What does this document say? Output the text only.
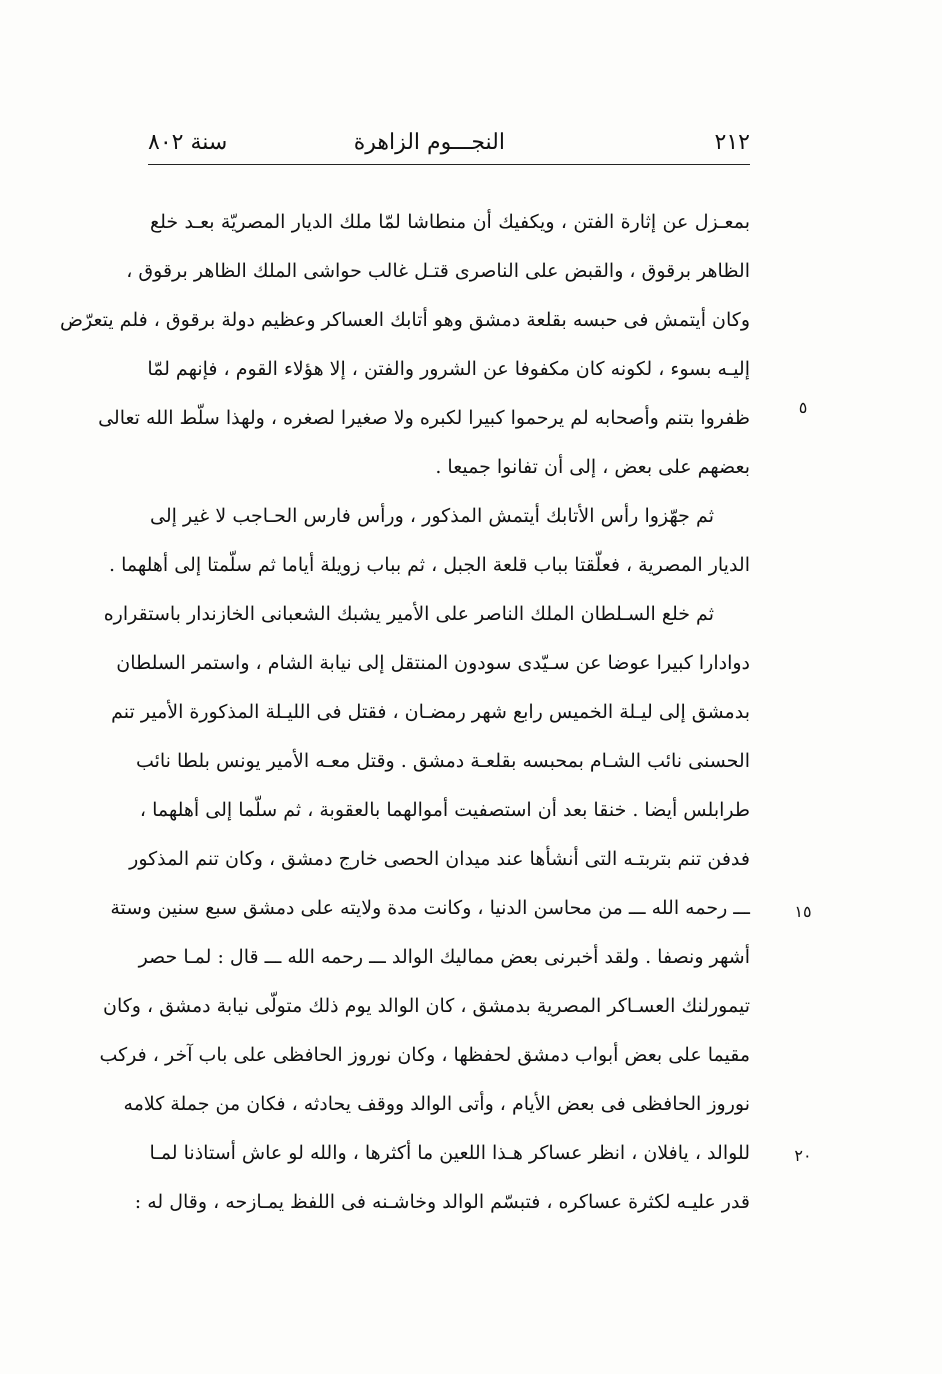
٢١٢
النجـــوم الزاهرة
سنة ٨٠٢
بمعـزل عن إثارة الفتن ، ويكفيك أن منطاشا لمّا ملك الديار المصريّة بعـد خلع
الظاهر برقوق ، والقبض على الناصرى قتـل غالب حواشى الملك الظاهر برقوق ،
وكان أيتمش فى حبسه بقلعة دمشق وهو أتابك العساكر وعظيم دولة برقوق ، فلم يتعرّض
إليـه بسوء ، لكونه كان مكفوفا عن الشرور والفتن ، إلا هؤلاء القوم ، فإنهم لمّا
ظفروا بتنم وأصحابه لم يرحموا كبيرا لكبره ولا صغيرا لصغره ، ولهذا سلّط الله تعالى
بعضهم على بعض ، إلى أن تفانوا جميعا .
ثم جهّزوا رأس الأتابك أيتمش المذكور ، ورأس فارس الحـاجب لا غير إلى
الديار المصرية ، فعلّقتا بباب قلعة الجبل ، ثم بباب زويلة أياما ثم سلّمتا إلى أهلهما .
ثم خلع السـلطان الملك الناصر على الأمير يشبك الشعبانى الخازندار باستقراره
دوادارا كبيرا عوضا عن سـيّدى سودون المنتقل إلى نيابة الشام ، واستمر السلطان
بدمشق إلى ليـلة الخميس رابع شهر رمضـان ، فقتل فى الليـلة المذكورة الأمير تنم
الحسنى نائب الشـام بمحبسه بقلعـة دمشق . وقتل معـه الأمير يونس بلطا نائب
طرابلس أيضا . خنقا بعد أن استصفيت أموالهما بالعقوبة ، ثم سلّما إلى أهلهما ،
فدفن تنم بتربتـه التى أنشأها عند ميدان الحصى خارج دمشق ، وكان تنم المذكور
ـــ رحمه الله ـــ من محاسن الدنيا ، وكانت مدة ولايته على دمشق سبع سنين وستة
أشهر ونصفا . ولقد أخبرنى بعض مماليك الوالد ـــ رحمه الله ـــ قال : لمـا حصر
تيمورلنك العسـاكر المصرية بدمشق ، كان الوالد يوم ذلك متولّى نيابة دمشق ، وكان
مقيما على بعض أبواب دمشق لحفظها ، وكان نوروز الحافظى على باب آخر ، فركب
نوروز الحافظى فى بعض الأيام ، وأتى الوالد ووقف يحادثه ، فكان من جملة كلامه
للوالد ، يافلان ، انظر عساكر هـذا اللعين ما أكثرها ، والله لو عاش أستاذنا لمـا
قدر عليـه لكثرة عساكره ، فتبسّم الوالد وخاشـنه فى اللفظ يمـازحه ، وقال له :
٥
١٥
٢٠
